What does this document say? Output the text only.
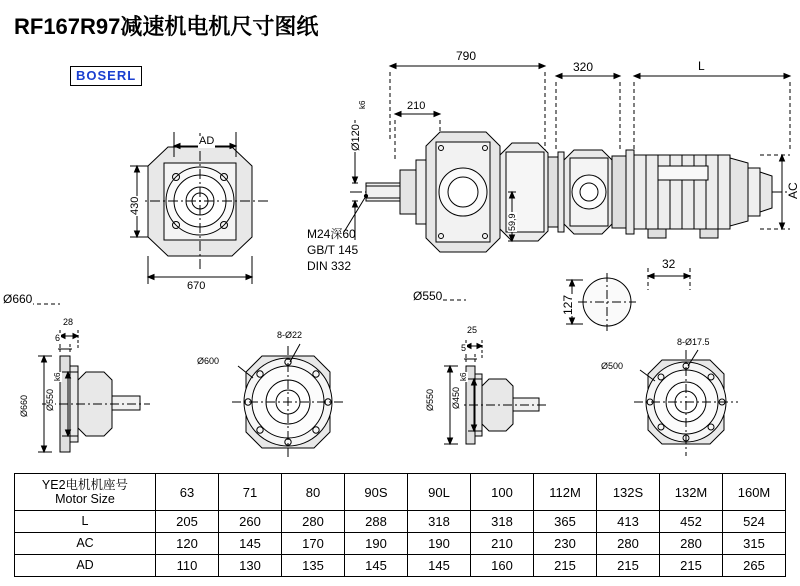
RF167R97减速机电机尺寸图纸
BOSERL
AD
430
670
790
320	L
AC
210
Ø120
k6
59,9
M24深60
GB/T 145
DIN 332	32
127
Ø660	Ø550
28
6
Ø660 Ø550
k6
Ø600
8-Ø22	25
5
Ø550 Ø450
k6
Ø500
8-Ø17.5
YE2电机机座号
Motor Size	63	71	80	90S	90L	100	112M	132S	132M	160M
L	205	260	280	288	318	318	365	413	452	524
AC	120	145	170	190	190	210	230	280	280	315
AD	110	130	135	145	145	160	215	215	215	265
